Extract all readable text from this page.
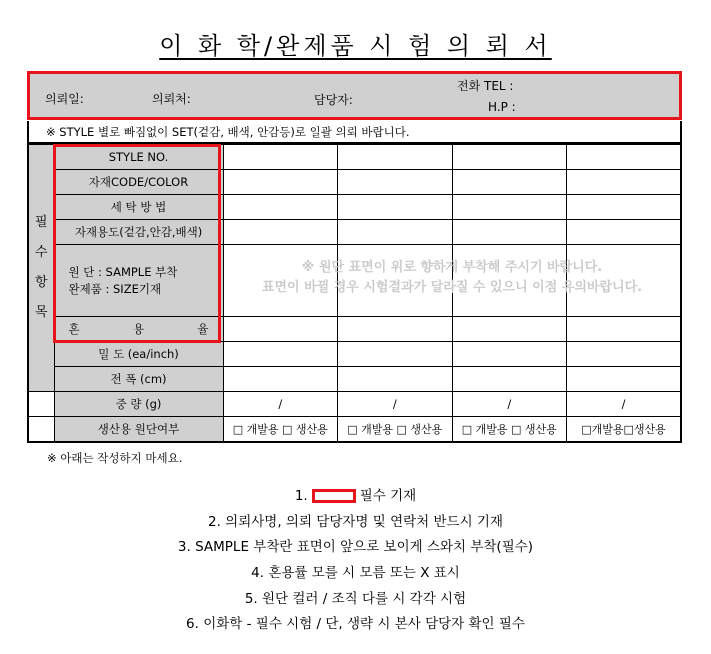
이 화 학/완제품 시 험 의 뢰 서
의뢰일:	의뢰처:	담당자:
전화 TEL :
H.P :
※ STYLE 별로 빠짐없이 SET(겉감, 배색, 안감등)로 일괄 의뢰 바랍니다.
필
수
항
목	STYLE NO.				
	자재CODE/COLOR				
	세 탁 방 법				
	자재용도(겉감,안감,배색)				

	원 단 : SAMPLE 부착
완제품 : SIZE기재				

	혼 용 율				

	밀 도 (ea/inch)				
	전 폭 (cm)				
	중 량 (g)	/	/	/	/
	생산용 원단여부	□ 개발용 □ 생산용	□ 개발용 □ 생산용	□ 개발용 □ 생산용	□개발용□생산용
※ 원단 표면이 위로 향하게 부착해 주시기 바랍니다.
표면이 바뀔 경우 시험결과가 달라질 수 있으니 이점 유의바랍니다.
※ 아래는 작성하지 마세요.
1.	필수 기재
2. 의뢰사명, 의뢰 담당자명 및 연락처 반드시 기재
3. SAMPLE 부착란 표면이 앞으로 보이게 스와치 부착(필수)
4. 혼용률 모를 시 모름 또는 X 표시
5. 원단 컬러 / 조직 다를 시 각각 시험
6. 이화학 - 필수 시험 / 단, 생략 시 본사 담당자 확인 필수
